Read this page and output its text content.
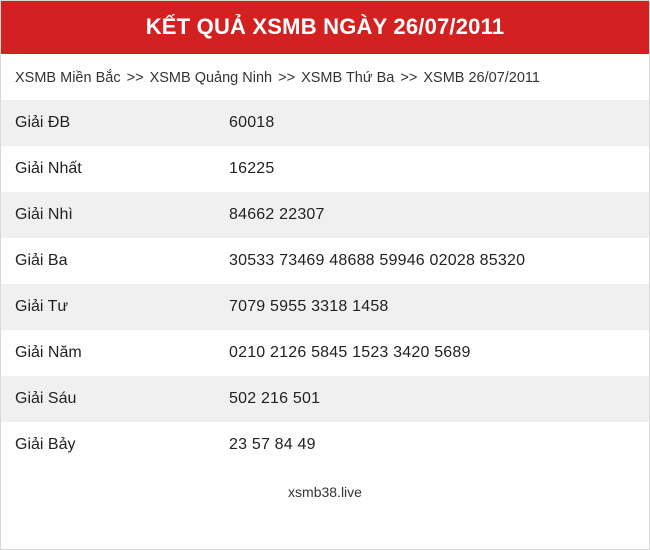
KẾT QUẢ XSMB NGÀY 26/07/2011
XSMB Miền Bắc >> XSMB Quảng Ninh >> XSMB Thứ Ba >> XSMB 26/07/2011
Giải ĐB	60018
Giải Nhất	16225
Giải Nhì	84662 22307
Giải Ba	30533 73469 48688 59946 02028 85320
Giải Tư	7079 5955 3318 1458
Giải Năm	0210 2126 5845 1523 3420 5689
Giải Sáu	502 216 501
Giải Bảy	23 57 84 49
xsmb38.live
